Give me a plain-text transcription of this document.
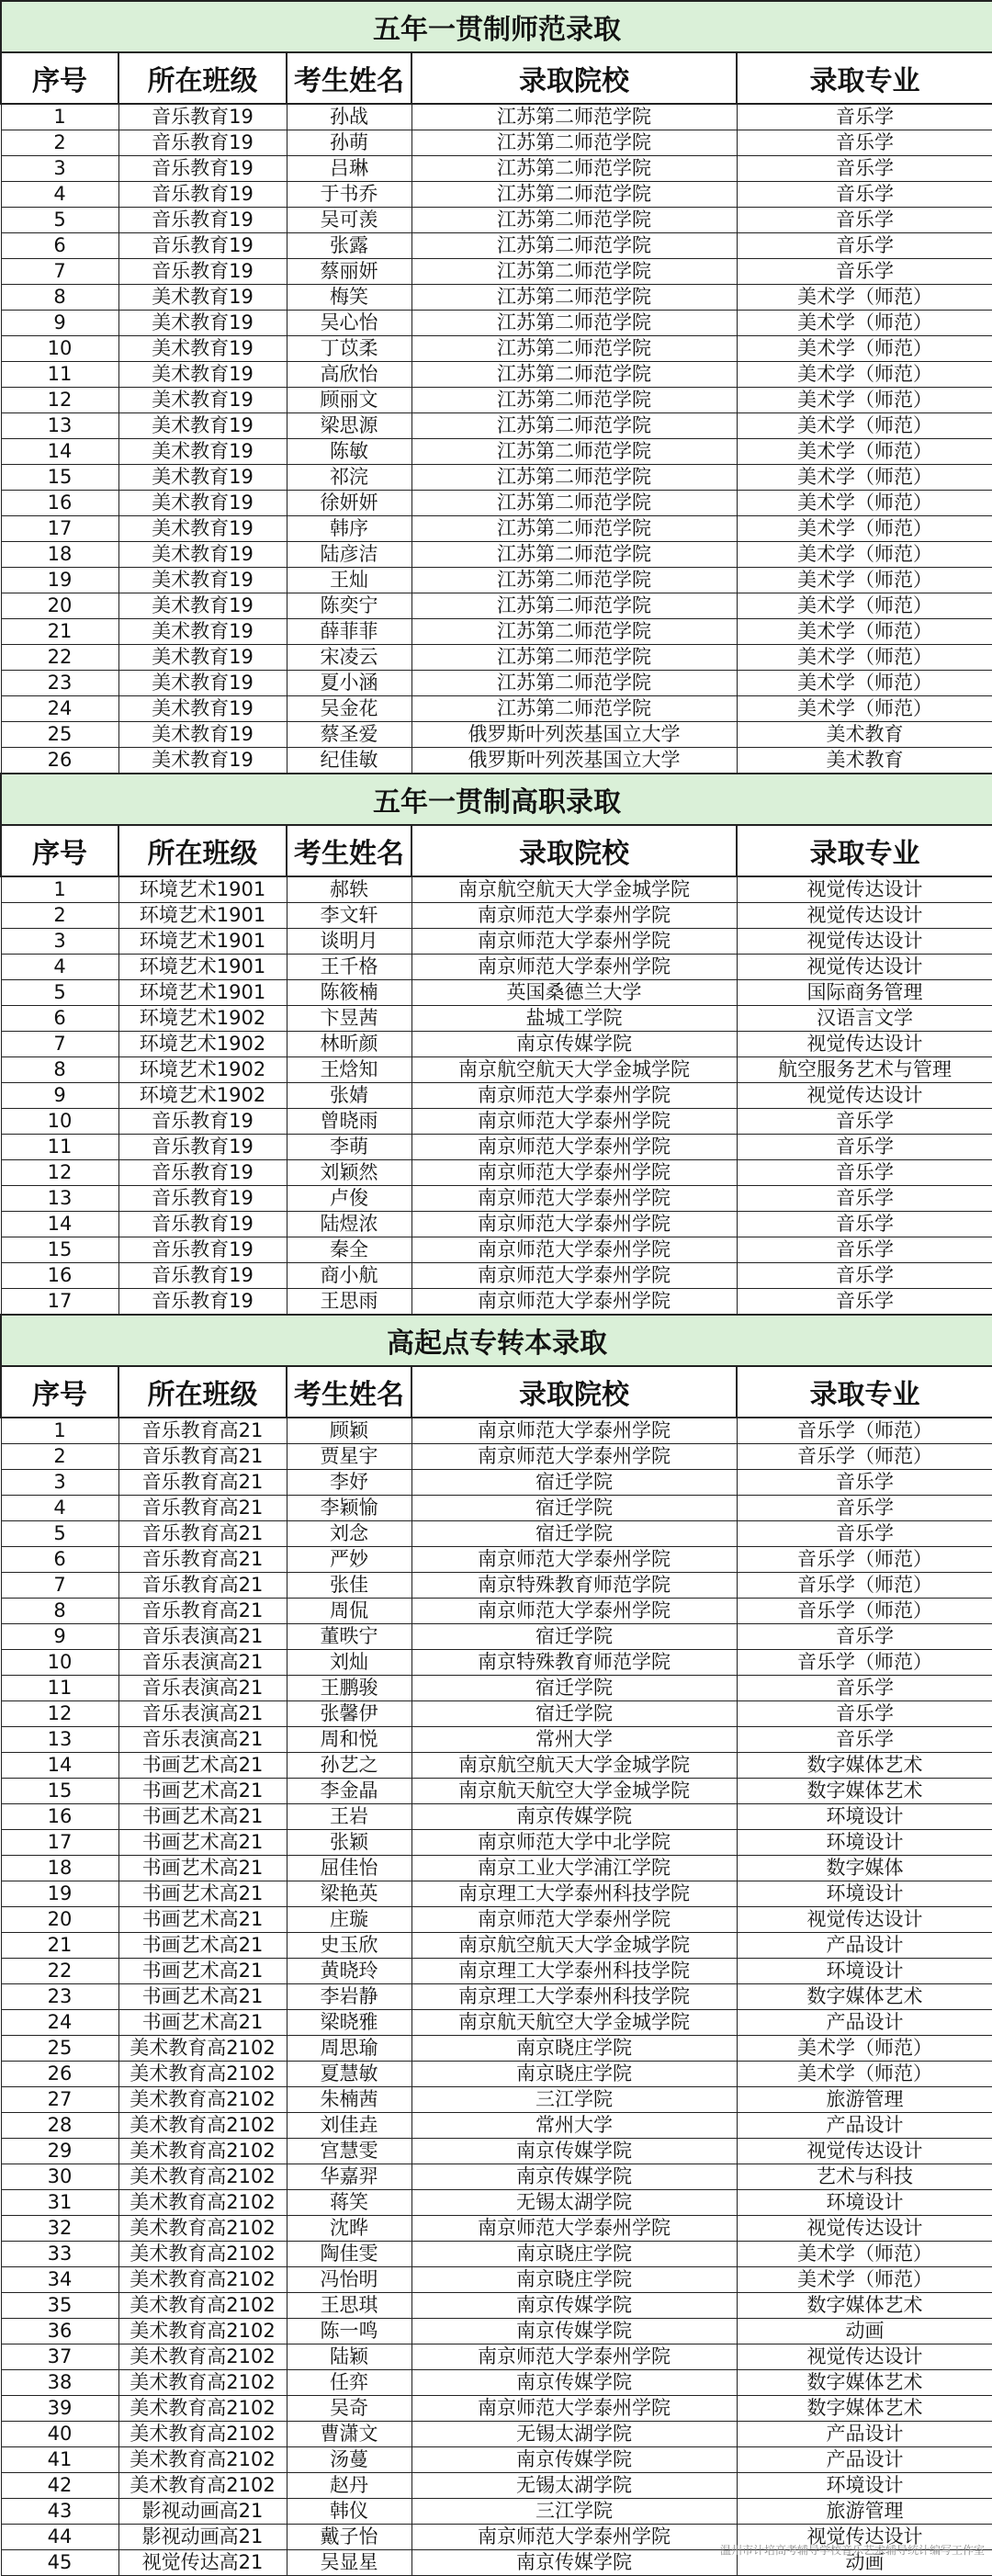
五年一贯制师范录取				
序号	所在班级	考生姓名	录取院校	录取专业
1	音乐教育19	孙战	江苏第二师范学院	音乐学
2	音乐教育19	孙萌	江苏第二师范学院	音乐学
3	音乐教育19	吕琳	江苏第二师范学院	音乐学
4	音乐教育19	于书乔	江苏第二师范学院	音乐学
5	音乐教育19	吴可羡	江苏第二师范学院	音乐学
6	音乐教育19	张露	江苏第二师范学院	音乐学
7	音乐教育19	蔡丽妍	江苏第二师范学院	音乐学
8	美术教育19	梅笑	江苏第二师范学院	美术学（师范）
9	美术教育19	吴心怡	江苏第二师范学院	美术学（师范）
10	美术教育19	丁苡柔	江苏第二师范学院	美术学（师范）
11	美术教育19	高欣怡	江苏第二师范学院	美术学（师范）
12	美术教育19	顾丽文	江苏第二师范学院	美术学（师范）
13	美术教育19	梁思源	江苏第二师范学院	美术学（师范）
14	美术教育19	陈敏	江苏第二师范学院	美术学（师范）
15	美术教育19	祁浣	江苏第二师范学院	美术学（师范）
16	美术教育19	徐妍妍	江苏第二师范学院	美术学（师范）
17	美术教育19	韩序	江苏第二师范学院	美术学（师范）
18	美术教育19	陆彦洁	江苏第二师范学院	美术学（师范）
19	美术教育19	王灿	江苏第二师范学院	美术学（师范）
20	美术教育19	陈奕宁	江苏第二师范学院	美术学（师范）
21	美术教育19	薛菲菲	江苏第二师范学院	美术学（师范）
22	美术教育19	宋凌云	江苏第二师范学院	美术学（师范）
23	美术教育19	夏小涵	江苏第二师范学院	美术学（师范）
24	美术教育19	吴金花	江苏第二师范学院	美术学（师范）
25	美术教育19	蔡圣爱	俄罗斯叶列茨基国立大学	美术教育
26	美术教育19	纪佳敏	俄罗斯叶列茨基国立大学	美术教育
五年一贯制高职录取				
序号	所在班级	考生姓名	录取院校	录取专业
1	环境艺术1901	郝轶	南京航空航天大学金城学院	视觉传达设计
2	环境艺术1901	李文轩	南京师范大学泰州学院	视觉传达设计
3	环境艺术1901	谈明月	南京师范大学泰州学院	视觉传达设计
4	环境艺术1901	王千格	南京师范大学泰州学院	视觉传达设计
5	环境艺术1901	陈筱楠	英国桑德兰大学	国际商务管理
6	环境艺术1902	卞昱茜	盐城工学院	汉语言文学
7	环境艺术1902	林昕颜	南京传媒学院	视觉传达设计
8	环境艺术1902	王焓知	南京航空航天大学金城学院	航空服务艺术与管理
9	环境艺术1902	张婧	南京师范大学泰州学院	视觉传达设计
10	音乐教育19	曾晓雨	南京师范大学泰州学院	音乐学
11	音乐教育19	李萌	南京师范大学泰州学院	音乐学
12	音乐教育19	刘颖然	南京师范大学泰州学院	音乐学
13	音乐教育19	卢俊	南京师范大学泰州学院	音乐学
14	音乐教育19	陆煜浓	南京师范大学泰州学院	音乐学
15	音乐教育19	秦全	南京师范大学泰州学院	音乐学
16	音乐教育19	商小航	南京师范大学泰州学院	音乐学
17	音乐教育19	王思雨	南京师范大学泰州学院	音乐学
高起点专转本录取				
序号	所在班级	考生姓名	录取院校	录取专业
1	音乐教育高21	顾颖	南京师范大学泰州学院	音乐学（师范）
2	音乐教育高21	贾星宇	南京师范大学泰州学院	音乐学（师范）
3	音乐教育高21	李妤	宿迁学院	音乐学
4	音乐教育高21	李颖愉	宿迁学院	音乐学
5	音乐教育高21	刘念	宿迁学院	音乐学
6	音乐教育高21	严妙	南京师范大学泰州学院	音乐学（师范）
7	音乐教育高21	张佳	南京特殊教育师范学院	音乐学（师范）
8	音乐教育高21	周侃	南京师范大学泰州学院	音乐学（师范）
9	音乐表演高21	董昳宁	宿迁学院	音乐学
10	音乐表演高21	刘灿	南京特殊教育师范学院	音乐学（师范）
11	音乐表演高21	王鹏骏	宿迁学院	音乐学
12	音乐表演高21	张馨伊	宿迁学院	音乐学
13	音乐表演高21	周和悦	常州大学	音乐学
14	书画艺术高21	孙艺之	南京航空航天大学金城学院	数字媒体艺术
15	书画艺术高21	李金晶	南京航天航空大学金城学院	数字媒体艺术
16	书画艺术高21	王岩	南京传媒学院	环境设计
17	书画艺术高21	张颖	南京师范大学中北学院	环境设计
18	书画艺术高21	屈佳怡	南京工业大学浦江学院	数字媒体
19	书画艺术高21	梁艳英	南京理工大学泰州科技学院	环境设计
20	书画艺术高21	庄璇	南京师范大学泰州学院	视觉传达设计
21	书画艺术高21	史玉欣	南京航空航天大学金城学院	产品设计
22	书画艺术高21	黄晓玲	南京理工大学泰州科技学院	环境设计
23	书画艺术高21	李岩静	南京理工大学泰州科技学院	数字媒体艺术
24	书画艺术高21	梁晓雅	南京航天航空大学金城学院	产品设计
25	美术教育高2102	周思瑜	南京晓庄学院	美术学（师范）
26	美术教育高2102	夏慧敏	南京晓庄学院	美术学（师范）
27	美术教育高2102	朱楠茜	三江学院	旅游管理
28	美术教育高2102	刘佳垚	常州大学	产品设计
29	美术教育高2102	宫慧雯	南京传媒学院	视觉传达设计
30	美术教育高2102	华嘉羿	南京传媒学院	艺术与科技
31	美术教育高2102	蒋笑	无锡太湖学院	环境设计
32	美术教育高2102	沈晔	南京师范大学泰州学院	视觉传达设计
33	美术教育高2102	陶佳雯	南京晓庄学院	美术学（师范）
34	美术教育高2102	冯怡明	南京晓庄学院	美术学（师范）
35	美术教育高2102	王思琪	南京传媒学院	数字媒体艺术
36	美术教育高2102	陈一鸣	南京传媒学院	动画
37	美术教育高2102	陆颖	南京师范大学泰州学院	视觉传达设计
38	美术教育高2102	任弈	南京传媒学院	数字媒体艺术
39	美术教育高2102	吴奇	南京师范大学泰州学院	数字媒体艺术
40	美术教育高2102	曹潇文	无锡太湖学院	产品设计
41	美术教育高2102	汤蔓	南京传媒学院	产品设计
42	美术教育高2102	赵丹	无锡太湖学院	环境设计
43	影视动画高21	韩仪	三江学院	旅游管理
44	影视动画高21	戴子怡	南京师范大学泰州学院	视觉传达设计
45	视觉传达高21	吴显星	南京传媒学院	动画
温州市计培高考辅导学校音乐艺术辅导统计编写工作室
